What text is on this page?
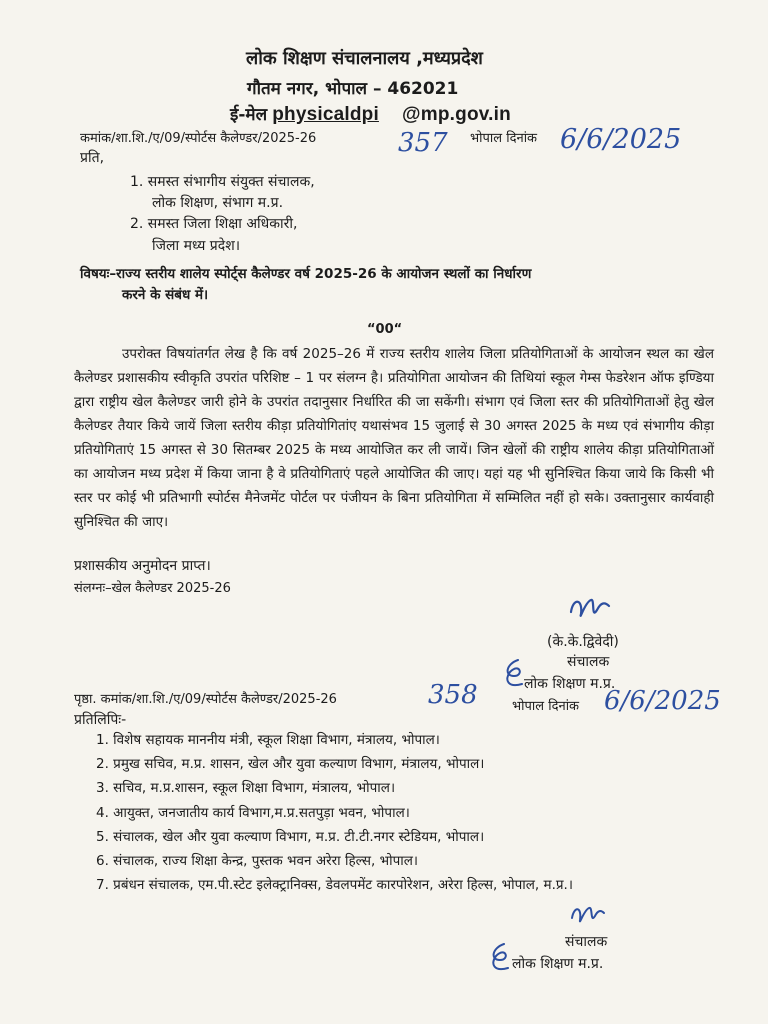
लोक शिक्षण संचालनालय ,मध्यप्रदेश
गौतम नगर, भोपाल – 462021
ई-मेल physicaldpi @mp.gov.in
कमांक/शा.शि./ए/09/स्पोर्टस कैलेण्डर/2025-26	357 भोपाल दिनांक 6/6/2025
प्रति,
1. समस्त संभागीय संयुक्त संचालक,
लोक शिक्षण, संभाग म.प्र.
2. समस्त जिला शिक्षा अधिकारी,
जिला मध्य प्रदेश।
विषयः–राज्य स्तरीय शालेय स्पोर्ट्स कैलेण्डर वर्ष 2025-26 के आयोजन स्थलों का निर्धारण
करने के संबंध में।
“00“
उपरोक्त विषयांतर्गत लेख है कि वर्ष 2025–26 में राज्य स्तरीय शालेय जिला प्रतियोगिताओं के आयोजन स्थल का खेल कैलेण्डर प्रशासकीय स्वीकृति उपरांत परिशिष्ट – 1 पर संलग्न है। प्रतियोगिता आयोजन की तिथियां स्कूल गेम्स फेडरेशन ऑफ इण्डिया द्वारा राष्ट्रीय खेल कैलेण्डर जारी होने के उपरांत तदानुसार निर्धारित की जा सकेंगी। संभाग एवं जिला स्तर की प्रतियोगिताओं हेतु खेल कैलेण्डर तैयार किये जायें जिला स्तरीय कीड़ा प्रतियोगितांए यथासंभव 15 जुलाई से 30 अगस्त 2025 के मध्य एवं संभागीय कीड़ा प्रतियोगिताएं 15 अगस्त से 30 सितम्बर 2025 के मध्य आयोजित कर ली जायें। जिन खेलों की राष्ट्रीय शालेय कीड़ा प्रतियोगिताओं का आयोजन मध्य प्रदेश में किया जाना है वे प्रतियोगिताएं पहले आयोजित की जाए। यहां यह भी सुनिश्चित किया जाये कि किसी भी स्तर पर कोई भी प्रतिभागी स्पोर्टस मैनेजमेंट पोर्टल पर पंजीयन के बिना प्रतियोगिता में सम्मिलित नहीं हो सके। उक्तानुसार कार्यवाही सुनिश्चित की जाए।
प्रशासकीय अनुमोदन प्राप्त।
संलग्नः–खेल कैलेण्डर 2025-26
(के.के.द्विवेदी)
संचालक
लोक शिक्षण म.प्र.
पृष्ठा. कमांक/शा.शि./ए/09/स्पोर्टस कैलेण्डर/2025-26	358	भोपाल दिनांक 6/6/2025
प्रतिलिपिः-
1. विशेष सहायक माननीय मंत्री, स्कूल शिक्षा विभाग, मंत्रालय, भोपाल।
2. प्रमुख सचिव, म.प्र. शासन, खेल और युवा कल्याण विभाग, मंत्रालय, भोपाल।
3. सचिव, म.प्र.शासन, स्कूल शिक्षा विभाग, मंत्रालय, भोपाल।
4. आयुक्त, जनजातीय कार्य विभाग,म.प्र.सतपुड़ा भवन, भोपाल।
5. संचालक, खेल और युवा कल्याण विभाग, म.प्र. टी.टी.नगर स्टेडियम, भोपाल।
6. संचालक, राज्य शिक्षा केन्द्र, पुस्तक भवन अरेरा हिल्स, भोपाल।
7. प्रबंधन संचालक, एम.पी.स्टेट इलेक्ट्रानिक्स, डेवलपमेंट कारपोरेशन, अरेरा हिल्स, भोपाल, म.प्र.।
संचालक
लोक शिक्षण म.प्र.
